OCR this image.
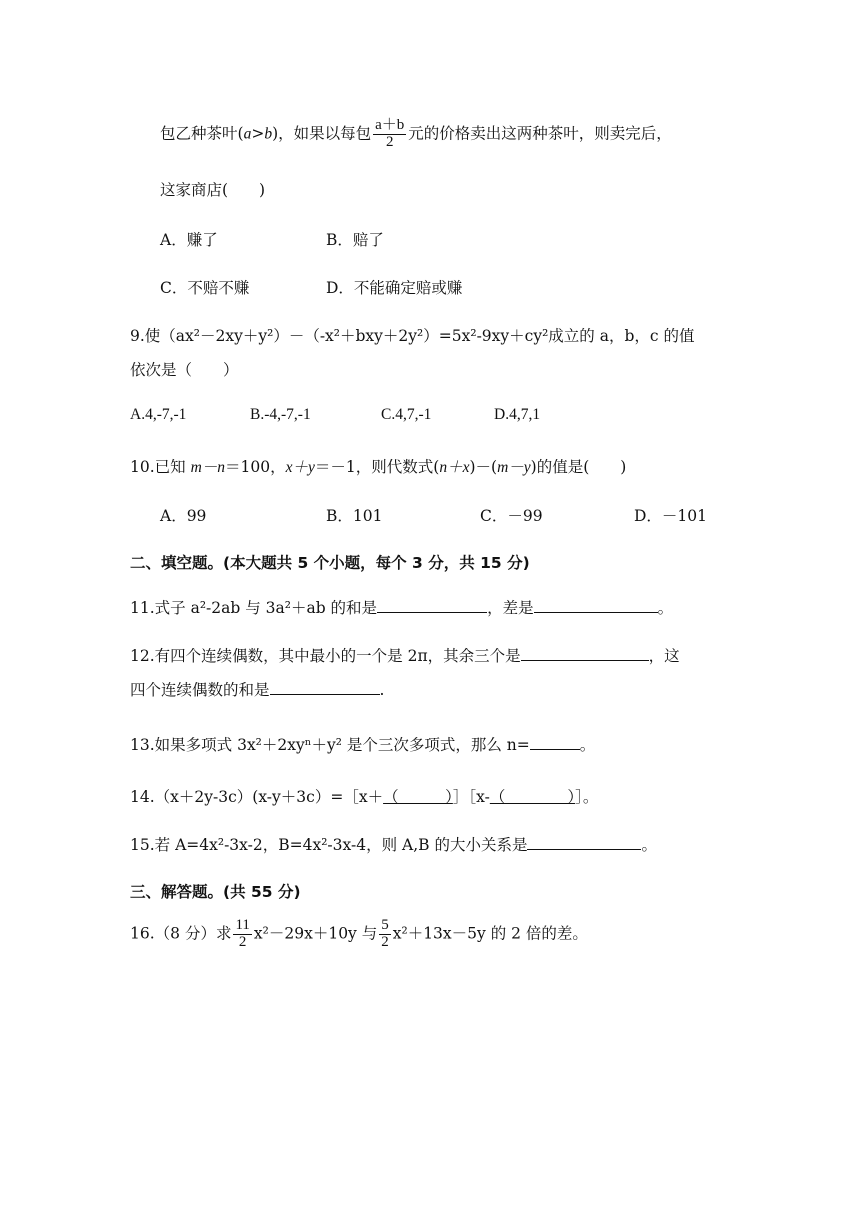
包乙种茶叶(a>b)，如果以每包 $\frac{a+b}{2}$ 元的价格卖出这两种茶叶，则卖完后，
这家商店(　　)
A．赚了	B．赔了
C．不赔不赚	D．不能确定赔或赚
9.使（ax²－2xy＋y²）－（-x²＋bxy＋2y²）=5x²-9xy＋cy²成立的 a，b，c 的值
依次是（　　）
A.4,-7,-1	B.-4,-7,-1	C.4,7,-1	D.4,7,1
10.已知 m－n＝100，x＋y＝－1，则代数式(n＋x)－(m－y)的值是(　　)
A．99	B．101	C．－99	D．－101
二、填空题。(本大题共 5 个小题，每个 3 分，共 15 分)
11.式子 a²-2ab 与 3a²＋ab 的和是	，差是	。
12.有四个连续偶数，其中最小的一个是 2π，其余三个是	，这
四个连续偶数的和是	.
13.如果多项式 3x²＋2xyⁿ＋y² 是个三次多项式，那么 n=	。
14.（x＋2y-3c）(x-y＋3c）=［x＋（　　　）］［x-（　　　　）］。
15.若 A=4x²-3x-2，B=4x²-3x-4，则 A,B 的大小关系是	。
三、解答题。(共 55 分)
16.（8 分）求 $\frac{11}{2} x^2-29x+10y$ 与 $\frac{5}{2} x^2+13x-5y$ 的 2 倍的差。
